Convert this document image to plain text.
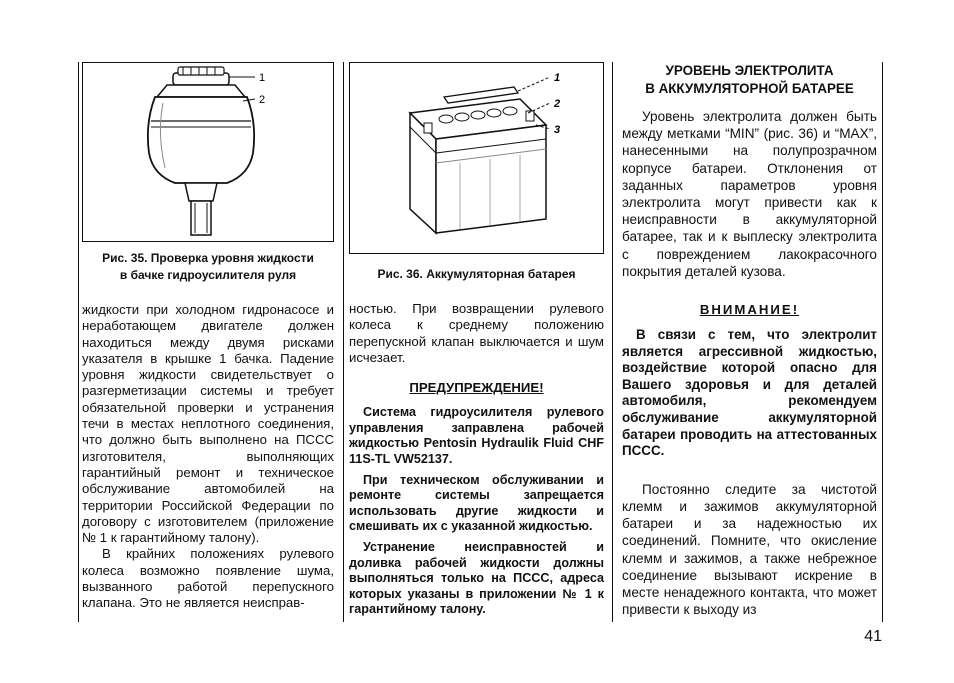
1
2
Рис. 35. Проверка уровня жидкости
в бачке гидроусилителя руля

жидкости при холодном гидронасосе и неработающем двигателе должен находиться между двумя рисками указателя в крышке 1 бачка. Падение уровня жидкости свидетельствует о разгерметизации системы и требует обязательной проверки и устранения течи в местах неплотного соединения, что должно быть выполнено на ПССС изготовителя, выполняющих гарантийный ремонт и техническое обслуживание автомобилей на территории Российской Федерации по договору с изготовителем (приложение № 1 к гарантийному талону).

В крайних положениях рулевого колеса возможно появление шума, вызванного работой перепускного клапана. Это не является неисправ-

1
2
3
Рис. 36. Аккумуляторная батарея

ностью. При возвращении рулевого колеса к среднему положению перепускной клапан выключается и шум исчезает.

ПРЕДУПРЕЖДЕНИЕ!

Система гидроусилителя рулевого управления заправлена рабочей жидкостью Pentosin Hydraulik Fluid CHF 11S-TL VW52137.

При техническом обслуживании и ремонте системы запрещается использовать другие жидкости и смешивать их с указанной жидкостью.

Устранение неисправностей и доливка рабочей жидкости должны выполняться только на ПССС, адреса которых указаны в приложении № 1 к гарантийному талону.

УРОВЕНЬ ЭЛЕКТРОЛИТА
В АККУМУЛЯТОРНОЙ БАТАРЕЕ

Уровень электролита должен быть между метками “MIN” (рис. 36) и “MAX”, нанесенными на полупрозрачном корпусе батареи. Отклонения от заданных параметров уровня электролита могут привести как к неисправности в аккумуляторной батарее, так и к выплеску электролита с повреждением лакокрасочного покрытия деталей кузова.

ВНИМАНИЕ!

В связи с тем, что электролит является агрессивной жидкостью, воздействие которой опасно для Вашего здоровья и для деталей автомобиля, рекомендуем обслуживание аккумуляторной батареи проводить на аттестованных ПССС.

Постоянно следите за чистотой клемм и зажимов аккумуляторной батареи и за надежностью их соединений. Помните, что окисление клемм и зажимов, а также небрежное соединение вызывают искрение в месте ненадежного контакта, что может привести к выходу из

41
